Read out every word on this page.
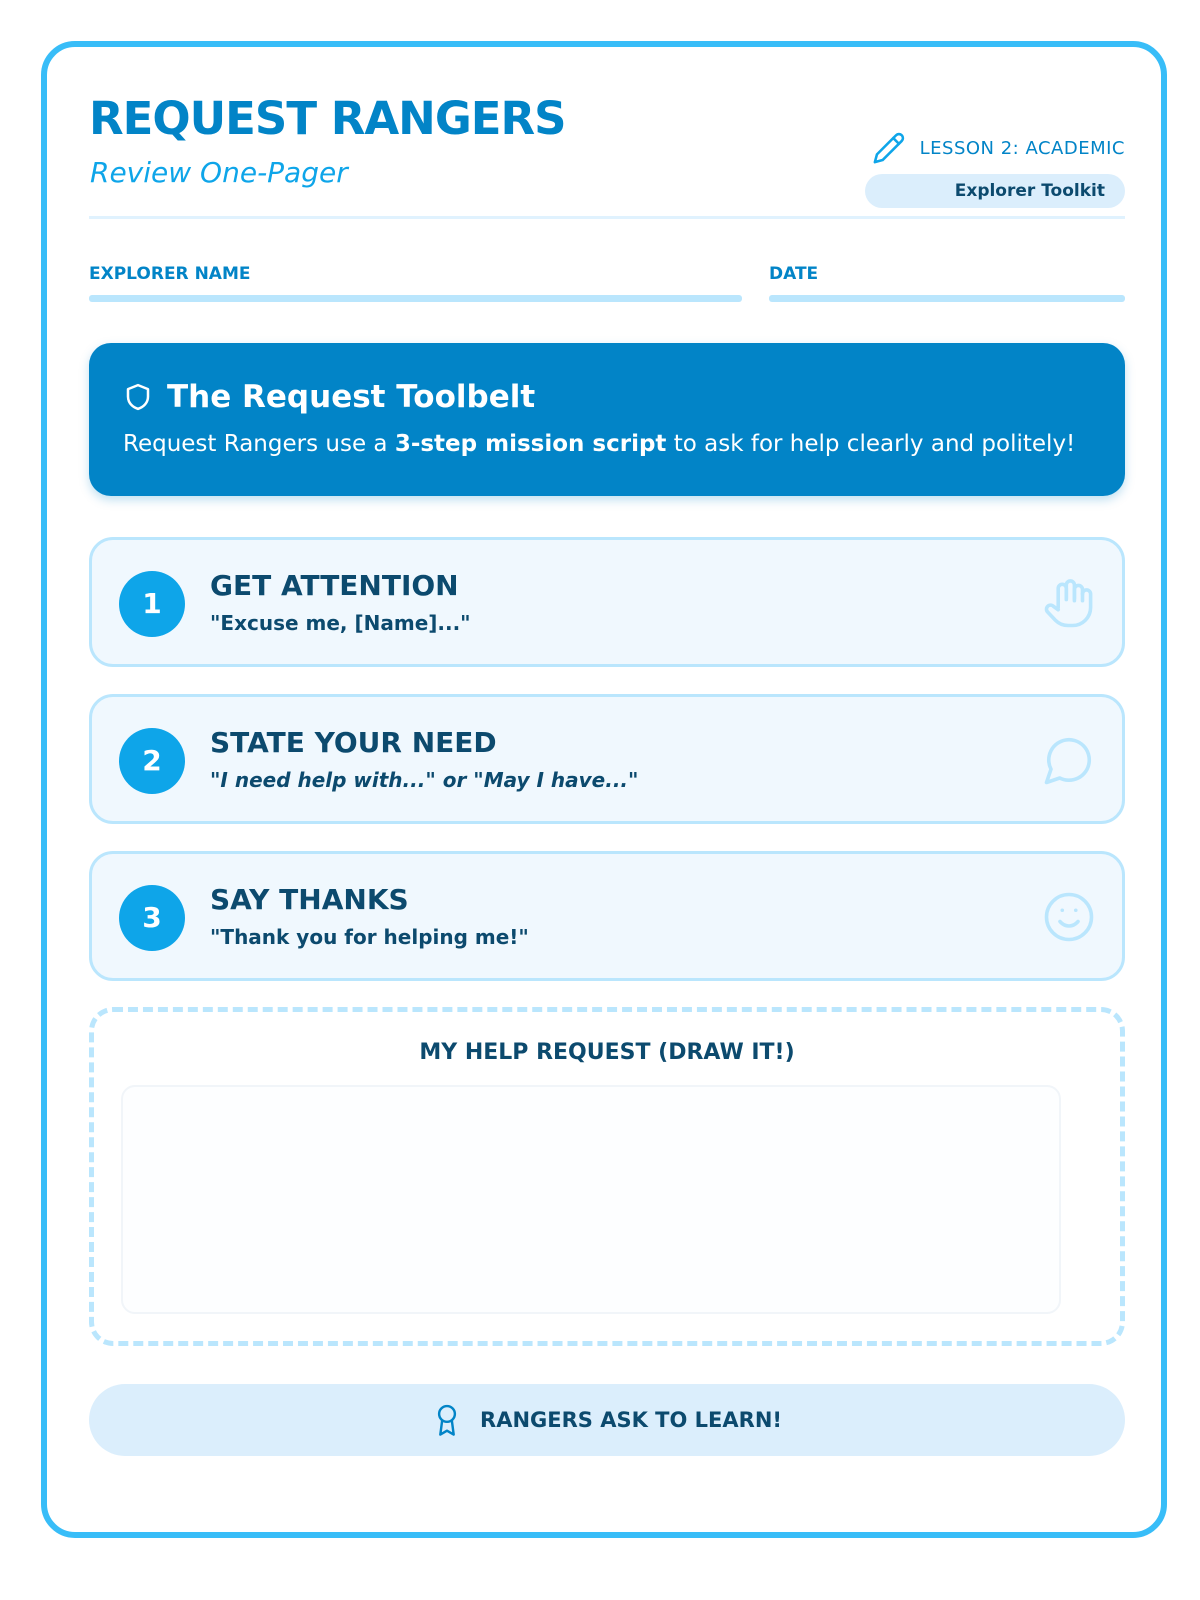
REQUEST RANGERS
Review One-Pager
LESSON 2: ACADEMIC
Explorer Toolkit
EXPLORER NAME	DATE
The Request Toolbelt
Request Rangers use a 3-step mission script to ask for help clearly and politely!
1
GET ATTENTION
"Excuse me, [Name]..."
2
STATE YOUR NEED
"I need help with..." or "May I have..."
3
SAY THANKS
"Thank you for helping me!"
MY HELP REQUEST (DRAW IT!)
RANGERS ASK TO LEARN!
